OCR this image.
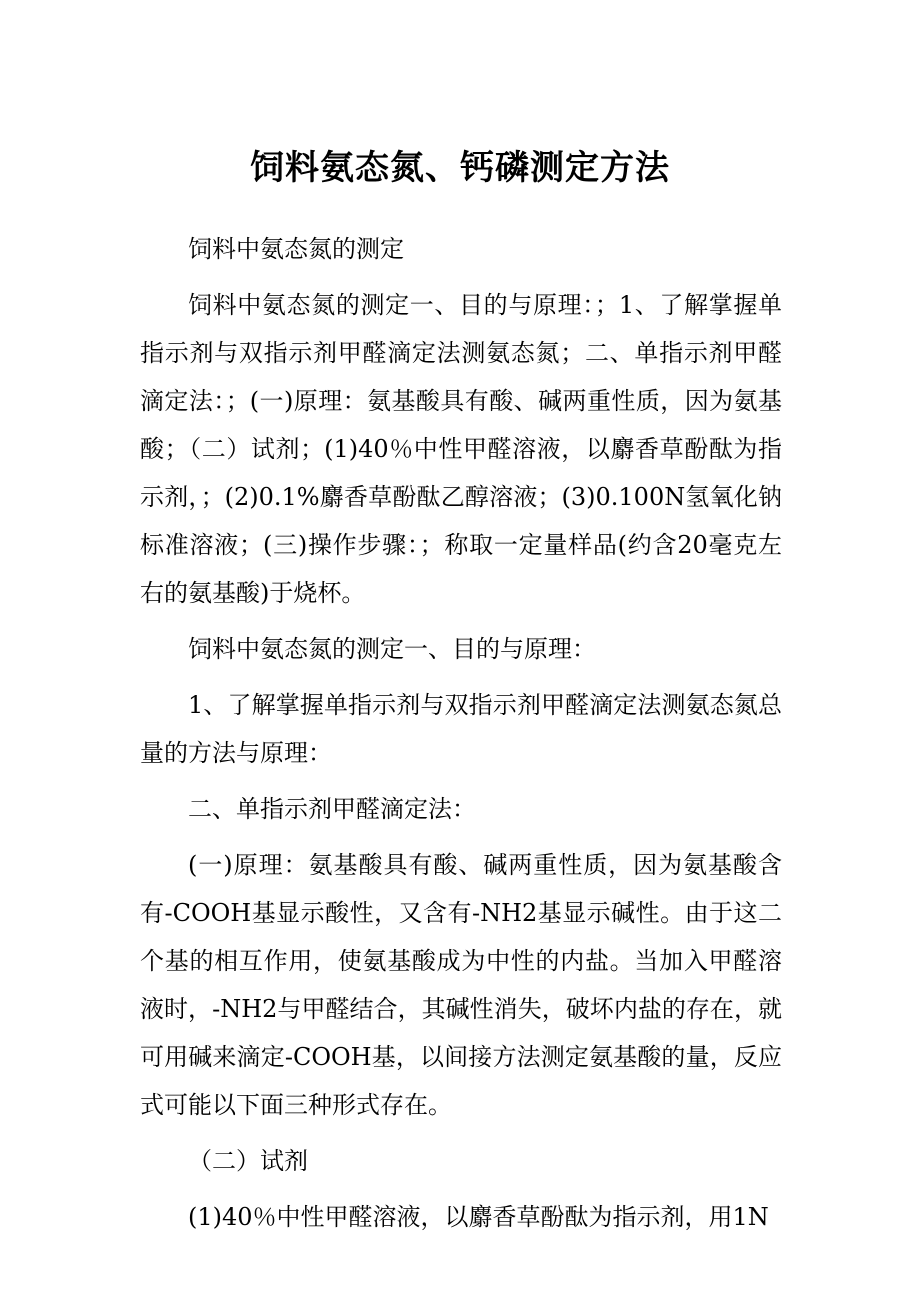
饲料氨态氮、钙磷测定方法

饲料中氨态氮的测定

饲料中氨态氮的测定一、目的与原理：；1、了解掌握单指示剂与双指示剂甲醛滴定法测氨态氮；二、单指示剂甲醛滴定法：；(一)原理：氨基酸具有酸、碱两重性质，因为氨基酸；（二）试剂；(1)40％中性甲醛溶液，以麝香草酚酞为指示剂，；(2)0.1%麝香草酚酞乙醇溶液；(3)0.100N氢氧化钠标准溶液；(三)操作步骤：；称取一定量样品(约含20毫克左右的氨基酸)于烧杯。

饲料中氨态氮的测定一、目的与原理：

1、了解掌握单指示剂与双指示剂甲醛滴定法测氨态氮总量的方法与原理：

二、单指示剂甲醛滴定法：

(一)原理：氨基酸具有酸、碱两重性质，因为氨基酸含有-COOH基显示酸性，又含有-NH2基显示碱性。由于这二个基的相互作用，使氨基酸成为中性的内盐。当加入甲醛溶液时，-NH2与甲醛结合，其碱性消失，破坏内盐的存在，就可用碱来滴定-COOH基，以间接方法测定氨基酸的量，反应式可能以下面三种形式存在。

（二）试剂

(1)40％中性甲醛溶液，以麝香草酚酞为指示剂，用1N
